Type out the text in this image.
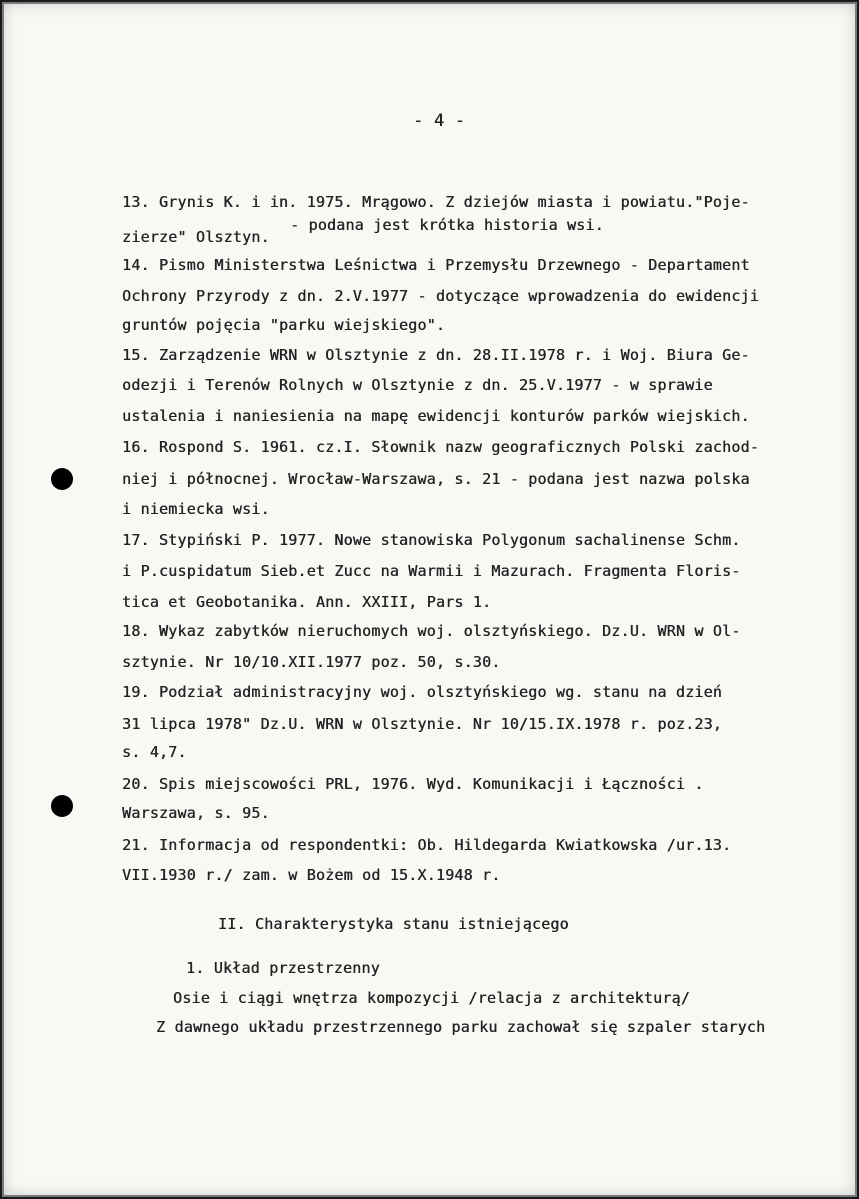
- 4 -
13. Grynis K. i in. 1975. Mrągowo. Z dziejów miasta i powiatu."Poje-
- podana jest krótka historia wsi.
zierze" Olsztyn.
14. Pismo Ministerstwa Leśnictwa i Przemysłu Drzewnego - Departament
Ochrony Przyrody z dn. 2.V.1977 - dotyczące wprowadzenia do ewidencji
gruntów pojęcia "parku wiejskiego".
15. Zarządzenie WRN w Olsztynie z dn. 28.II.1978 r. i Woj. Biura Ge-
odezji i Terenów Rolnych w Olsztynie z dn. 25.V.1977 - w sprawie
ustalenia i naniesienia na mapę ewidencji konturów parków wiejskich.
16. Rospond S. 1961. cz.I. Słownik nazw geograficznych Polski zachod-
niej i północnej. Wrocław-Warszawa, s. 21 - podana jest nazwa polska
i niemiecka wsi.
17. Stypiński P. 1977. Nowe stanowiska Polygonum sachalinense Schm.
i P.cuspidatum Sieb.et Zucc na Warmii i Mazurach. Fragmenta Floris-
tica et Geobotanika. Ann. XXIII, Pars 1.
18. Wykaz zabytków nieruchomych woj. olsztyńskiego. Dz.U. WRN w Ol-
sztynie. Nr 10/10.XII.1977 poz. 50, s.30.
19. Podział administracyjny woj. olsztyńskiego wg. stanu na dzień
31 lipca 1978" Dz.U. WRN w Olsztynie. Nr 10/15.IX.1978 r. poz.23,
s. 4,7.
20. Spis miejscowości PRL, 1976. Wyd. Komunikacji i Łączności .
Warszawa, s. 95.
21. Informacja od respondentki: Ob. Hildegarda Kwiatkowska /ur.13.
VII.1930 r./ zam. w Bożem od 15.X.1948 r.
II. Charakterystyka stanu istniejącego
1. Układ przestrzenny
Osie i ciągi wnętrza kompozycji /relacja z architekturą/
Z dawnego układu przestrzennego parku zachował się szpaler starych
